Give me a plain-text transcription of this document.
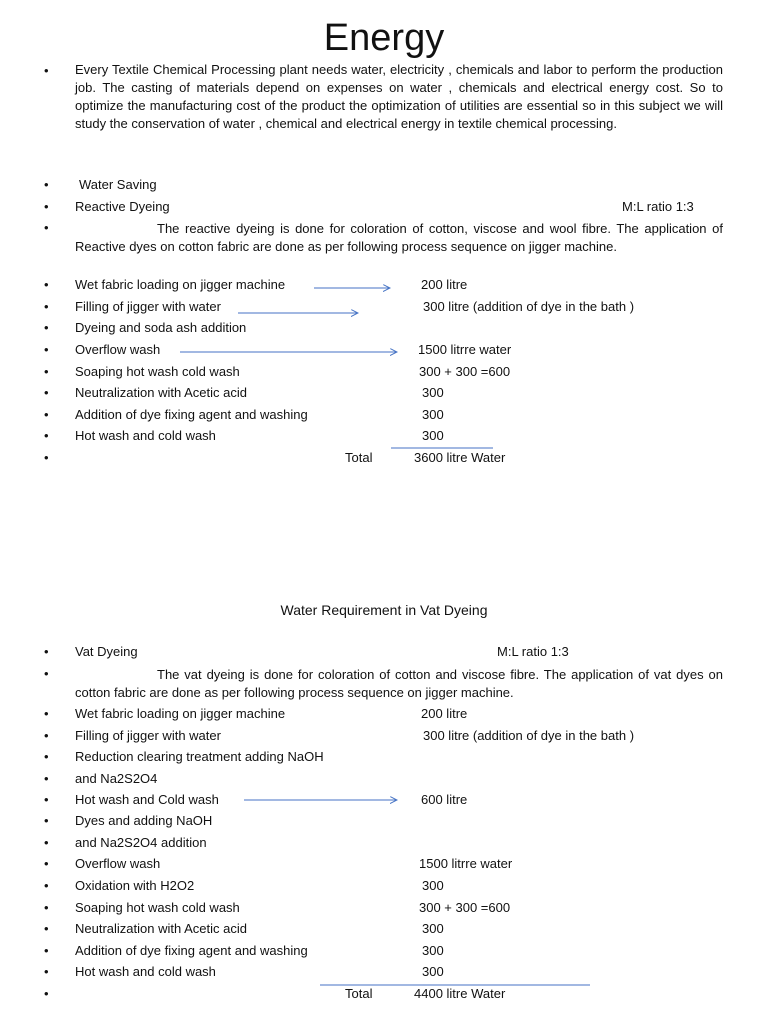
Energy
• Every Textile Chemical Processing plant needs water, electricity , chemicals and labor to perform the production job. The casting of materials depend on expenses on water , chemicals and electrical energy cost. So to optimize the manufacturing cost of the product the optimization of utilities are essential so in this subject we will study the conservation of water , chemical and electrical energy in textile chemical processing.
• Water Saving
• Reactive Dyeing	M:L ratio 1:3
•	The reactive dyeing is done for coloration of cotton, viscose and wool fibre. The application of Reactive dyes on cotton fabric are done as per following process sequence on jigger machine.
• Wet fabric loading on jigger machine	200 litre
• Filling of jigger with water	300 litre (addition of dye in the bath )
• Dyeing and soda ash addition
• Overflow wash	1500 litrre water
• Soaping hot wash cold wash	300 + 300 =600
• Neutralization with Acetic acid	300
• Addition of dye fixing agent and washing	300
• Hot wash and cold wash	300
•	Total	3600 litre Water
Water Requirement in Vat Dyeing
• Vat Dyeing	M:L ratio 1:3
•	The vat dyeing is done for coloration of cotton and viscose fibre. The application of vat dyes on cotton fabric are done as per following process sequence on jigger machine.
• Wet fabric loading on jigger machine	200 litre
• Filling of jigger with water	300 litre (addition of dye in the bath )
• Reduction clearing treatment adding NaOH
• and Na2S2O4
• Hot wash and Cold wash	600 litre
• Dyes and adding NaOH
• and Na2S2O4 addition
• Overflow wash	1500 litrre water
• Oxidation with H2O2	300
• Soaping hot wash cold wash	300 + 300 =600
• Neutralization with Acetic acid	300
• Addition of dye fixing agent and washing	300
• Hot wash and cold wash	300
•	Total	4400 litre Water
